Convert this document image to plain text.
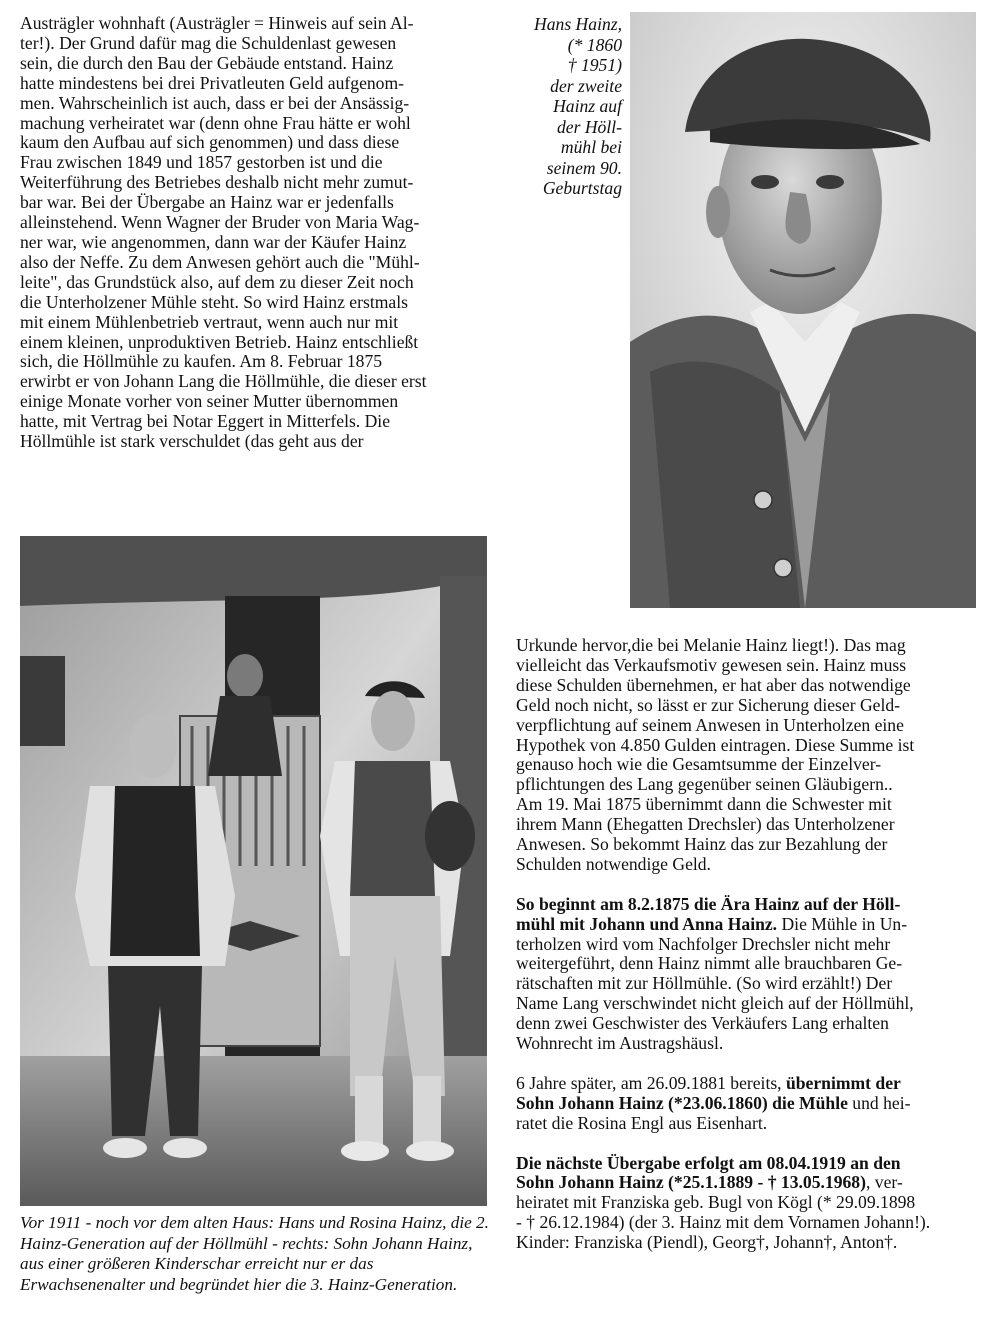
Austrägler wohnhaft (Austrägler = Hinweis auf sein Al-
ter!). Der Grund dafür mag die Schuldenlast gewesen
sein, die durch den Bau der Gebäude entstand. Hainz
hatte mindestens bei drei Privatleuten Geld aufgenom-
men. Wahrscheinlich ist auch, dass er bei der Ansässig-
machung verheiratet war (denn ohne Frau hätte er wohl
kaum den Aufbau auf sich genommen) und dass diese
Frau zwischen 1849 und 1857 gestorben ist und die
Weiterführung des Betriebes deshalb nicht mehr zumut-
bar war. Bei der Übergabe an Hainz war er jedenfalls
alleinstehend. Wenn Wagner der Bruder von Maria Wag-
ner war, wie angenommen, dann war der Käufer Hainz
also der Neffe. Zu dem Anwesen gehört auch die "Mühl-
leite", das Grundstück also, auf dem zu dieser Zeit noch
die Unterholzener Mühle steht. So wird Hainz erstmals
mit einem Mühlenbetrieb vertraut, wenn auch nur mit
einem kleinen, unproduktiven Betrieb. Hainz entschließt
sich, die Höllmühle zu kaufen. Am 8. Februar 1875
erwirbt er von Johann Lang die Höllmühle, die dieser erst
einige Monate vorher von seiner Mutter übernommen
hatte, mit Vertrag bei Notar Eggert in Mitterfels. Die
Höllmühle ist stark verschuldet (das geht aus der

Hans Hainz,
(* 1860
† 1951)
der zweite
Hainz auf
der Höll-
mühl bei
seinem 90.
Geburtstag
Vor 1911 - noch vor dem alten Haus: Hans und Rosina Hainz, die 2. Hainz-Generation auf der Höllmühl - rechts: Sohn Johann Hainz, aus einer größeren Kinderschar erreicht nur er das Erwachsenenalter und begründet hier die 3. Hainz-Generation.

Urkunde hervor,die bei Melanie Hainz liegt!). Das mag
vielleicht das Verkaufsmotiv gewesen sein. Hainz muss
diese Schulden übernehmen, er hat aber das notwendige
Geld noch nicht, so lässt er zur Sicherung dieser Geld-
verpflichtung auf seinem Anwesen in Unterholzen eine
Hypothek von 4.850 Gulden eintragen. Diese Summe ist
genauso hoch wie die Gesamtsumme der Einzelver-
pflichtungen des Lang gegenüber seinen Gläubigern..
Am 19. Mai 1875 übernimmt dann die Schwester mit
ihrem Mann (Ehegatten Drechsler) das Unterholzener
Anwesen. So bekommt Hainz das zur Bezahlung der
Schulden notwendige Geld.

So beginnt am 8.2.1875 die Ära Hainz auf der Höll-
mühl mit Johann und Anna Hainz. Die Mühle in Un-
terholzen wird vom Nachfolger Drechsler nicht mehr
weitergeführt, denn Hainz nimmt alle brauchbaren Ge-
rätschaften mit zur Höllmühle. (So wird erzählt!) Der
Name Lang verschwindet nicht gleich auf der Höllmühl,
denn zwei Geschwister des Verkäufers Lang erhalten
Wohnrecht im Austragshäusl.

6 Jahre später, am 26.09.1881 bereits, übernimmt der
Sohn Johann Hainz (*23.06.1860) die Mühle und hei-
ratet die Rosina Engl aus Eisenhart.

Die nächste Übergabe erfolgt am 08.04.1919 an den
Sohn Johann Hainz (*25.1.1889 - † 13.05.1968), ver-
heiratet mit Franziska geb. Bugl von Kögl (* 29.09.1898
- † 26.12.1984) (der 3. Hainz mit dem Vornamen Johann!).
Kinder: Franziska (Piendl), Georg†, Johann†, Anton†.
